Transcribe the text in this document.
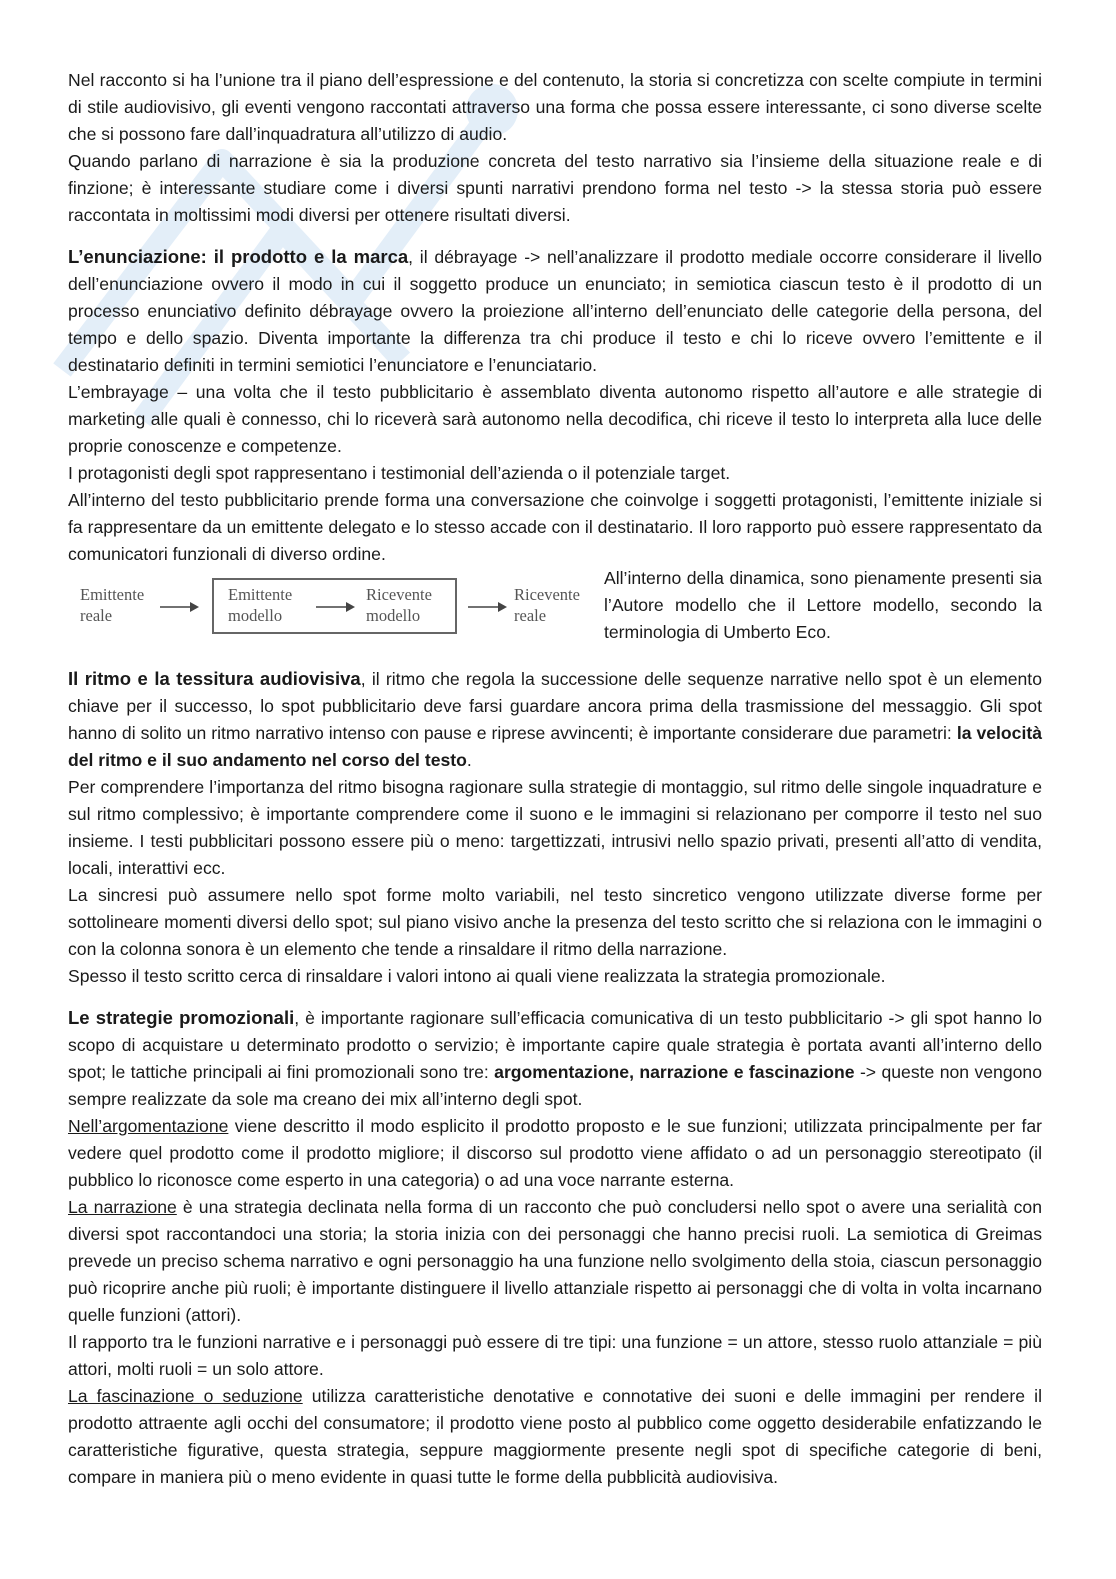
Nel racconto si ha l’unione tra il piano dell’espressione e del contenuto, la storia si concretizza con scelte compiute in termini di stile audiovisivo, gli eventi vengono raccontati attraverso una forma che possa essere interessante, ci sono diverse scelte che si possono fare dall’inquadratura all’utilizzo di audio.

Quando parlano di narrazione è sia la produzione concreta del testo narrativo sia l’insieme della situazione reale e di finzione; è interessante studiare come i diversi spunti narrativi prendono forma nel testo -> la stessa storia può essere raccontata in moltissimi modi diversi per ottenere risultati diversi.

L’enunciazione: il prodotto e la marca, il débrayage -> nell’analizzare il prodotto mediale occorre considerare il livello dell’enunciazione ovvero il modo in cui il soggetto produce un enunciato; in semiotica ciascun testo è il prodotto di un processo enunciativo definito débrayage ovvero la proiezione all’interno dell’enunciato delle categorie della persona, del tempo e dello spazio. Diventa importante la differenza tra chi produce il testo e chi lo riceve ovvero l’emittente e il destinatario definiti in termini semiotici l’enunciatore e l’enunciatario.

L’embrayage – una volta che il testo pubblicitario è assemblato diventa autonomo rispetto all’autore e alle strategie di marketing alle quali è connesso, chi lo riceverà sarà autonomo nella decodifica, chi riceve il testo lo interpreta alla luce delle proprie conoscenze e competenze.

I protagonisti degli spot rappresentano i testimonial dell’azienda o il potenziale target.

All’interno del testo pubblicitario prende forma una conversazione che coinvolge i soggetti protagonisti, l’emittente iniziale si fa rappresentare da un emittente delegato e lo stesso accade con il destinatario. Il loro rapporto può essere rappresentato da comunicatori funzionali di diverso ordine.

Emittente
reale
Emittente
modello
Ricevente
modello
Ricevente
reale

All’interno della dinamica, sono pienamente presenti sia l’Autore modello che il Lettore modello, secondo la terminologia di Umberto Eco.

Il ritmo e la tessitura audiovisiva, il ritmo che regola la successione delle sequenze narrative nello spot è un elemento chiave per il successo, lo spot pubblicitario deve farsi guardare ancora prima della trasmissione del messaggio. Gli spot hanno di solito un ritmo narrativo intenso con pause e riprese avvincenti; è importante considerare due parametri: la velocità del ritmo e il suo andamento nel corso del testo.

Per comprendere l’importanza del ritmo bisogna ragionare sulla strategie di montaggio, sul ritmo delle singole inquadrature e sul ritmo complessivo; è importante comprendere come il suono e le immagini si relazionano per comporre il testo nel suo insieme. I testi pubblicitari possono essere più o meno: targettizzati, intrusivi nello spazio privati, presenti all’atto di vendita, locali, interattivi ecc.

La sincresi può assumere nello spot forme molto variabili, nel testo sincretico vengono utilizzate diverse forme per sottolineare momenti diversi dello spot; sul piano visivo anche la presenza del testo scritto che si relaziona con le immagini o con la colonna sonora è un elemento che tende a rinsaldare il ritmo della narrazione.

Spesso il testo scritto cerca di rinsaldare i valori intono ai quali viene realizzata la strategia promozionale.

Le strategie promozionali, è importante ragionare sull’efficacia comunicativa di un testo pubblicitario -> gli spot hanno lo scopo di acquistare u determinato prodotto o servizio; è importante capire quale strategia è portata avanti all’interno dello spot; le tattiche principali ai fini promozionali sono tre: argomentazione, narrazione e fascinazione -> queste non vengono sempre realizzate da sole ma creano dei mix all’interno degli spot.

Nell’argomentazione viene descritto il modo esplicito il prodotto proposto e le sue funzioni; utilizzata principalmente per far vedere quel prodotto come il prodotto migliore; il discorso sul prodotto viene affidato o ad un personaggio stereotipato (il pubblico lo riconosce come esperto in una categoria) o ad una voce narrante esterna.

La narrazione è una strategia declinata nella forma di un racconto che può concludersi nello spot o avere una serialità con diversi spot raccontandoci una storia; la storia inizia con dei personaggi che hanno precisi ruoli. La semiotica di Greimas prevede un preciso schema narrativo e ogni personaggio ha una funzione nello svolgimento della stoia, ciascun personaggio può ricoprire anche più ruoli; è importante distinguere il livello attanziale rispetto ai personaggi che di volta in volta incarnano quelle funzioni (attori).

Il rapporto tra le funzioni narrative e i personaggi può essere di tre tipi: una funzione = un attore, stesso ruolo attanziale = più attori, molti ruoli = un solo attore.

La fascinazione o seduzione utilizza caratteristiche denotative e connotative dei suoni e delle immagini per rendere il prodotto attraente agli occhi del consumatore; il prodotto viene posto al pubblico come oggetto desiderabile enfatizzando le caratteristiche figurative, questa strategia, seppure maggiormente presente negli spot di specifiche categorie di beni, compare in maniera più o meno evidente in quasi tutte le forme della pubblicità audiovisiva.
